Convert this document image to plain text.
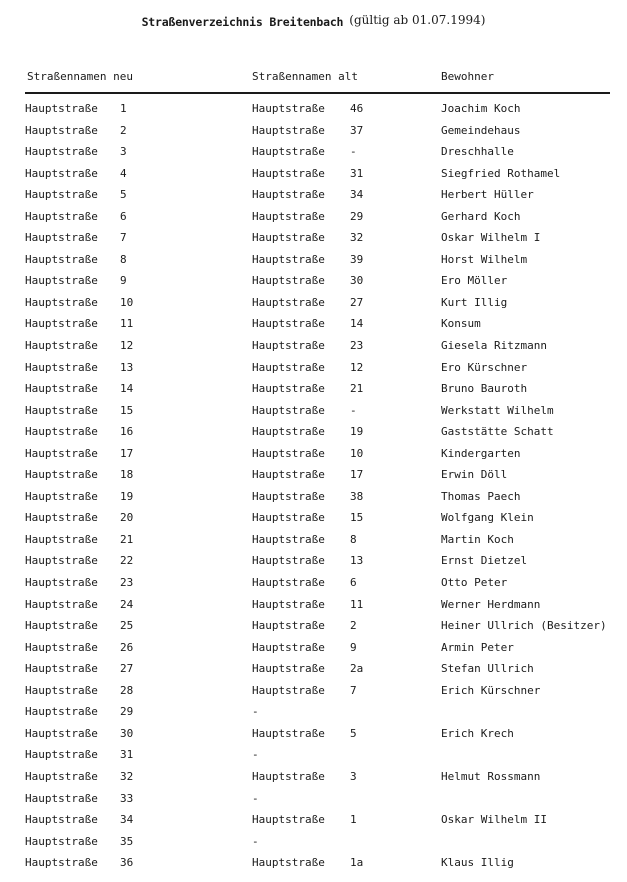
Straßenverzeichnis Breitenbach (gültig ab 01.07.1994)
Straßennamen neu	Straßennamen alt	Bewohner
Hauptstraße 1	Hauptstraße 46	Joachim Koch
Hauptstraße 2	Hauptstraße 37	Gemeindehaus
Hauptstraße 3	Hauptstraße -	Dreschhalle
Hauptstraße 4	Hauptstraße 31	Siegfried Rothamel
Hauptstraße 5	Hauptstraße 34	Herbert Hüller
Hauptstraße 6	Hauptstraße 29	Gerhard Koch
Hauptstraße 7	Hauptstraße 32	Oskar Wilhelm I
Hauptstraße 8	Hauptstraße 39	Horst Wilhelm
Hauptstraße 9	Hauptstraße 30	Ero Möller
Hauptstraße 10	Hauptstraße 27	Kurt Illig
Hauptstraße 11	Hauptstraße 14	Konsum
Hauptstraße 12	Hauptstraße 23	Giesela Ritzmann
Hauptstraße 13	Hauptstraße 12	Ero Kürschner
Hauptstraße 14	Hauptstraße 21	Bruno Bauroth
Hauptstraße 15	Hauptstraße -	Werkstatt Wilhelm
Hauptstraße 16	Hauptstraße 19	Gaststätte Schatt
Hauptstraße 17	Hauptstraße 10	Kindergarten
Hauptstraße 18	Hauptstraße 17	Erwin Döll
Hauptstraße 19	Hauptstraße 38	Thomas Paech
Hauptstraße 20	Hauptstraße 15	Wolfgang Klein
Hauptstraße 21	Hauptstraße 8	Martin Koch
Hauptstraße 22	Hauptstraße 13	Ernst Dietzel
Hauptstraße 23	Hauptstraße 6	Otto Peter
Hauptstraße 24	Hauptstraße 11	Werner Herdmann
Hauptstraße 25	Hauptstraße 2	Heiner Ullrich (Besitzer)
Hauptstraße 26	Hauptstraße 9	Armin Peter
Hauptstraße 27	Hauptstraße 2a	Stefan Ullrich
Hauptstraße 28	Hauptstraße 7	Erich Kürschner
Hauptstraße 29	-
Hauptstraße 30	Hauptstraße 5	Erich Krech
Hauptstraße 31	-
Hauptstraße 32	Hauptstraße 3	Helmut Rossmann
Hauptstraße 33	-
Hauptstraße 34	Hauptstraße 1	Oskar Wilhelm II
Hauptstraße 35	-
Hauptstraße 36	Hauptstraße 1a	Klaus Illig
